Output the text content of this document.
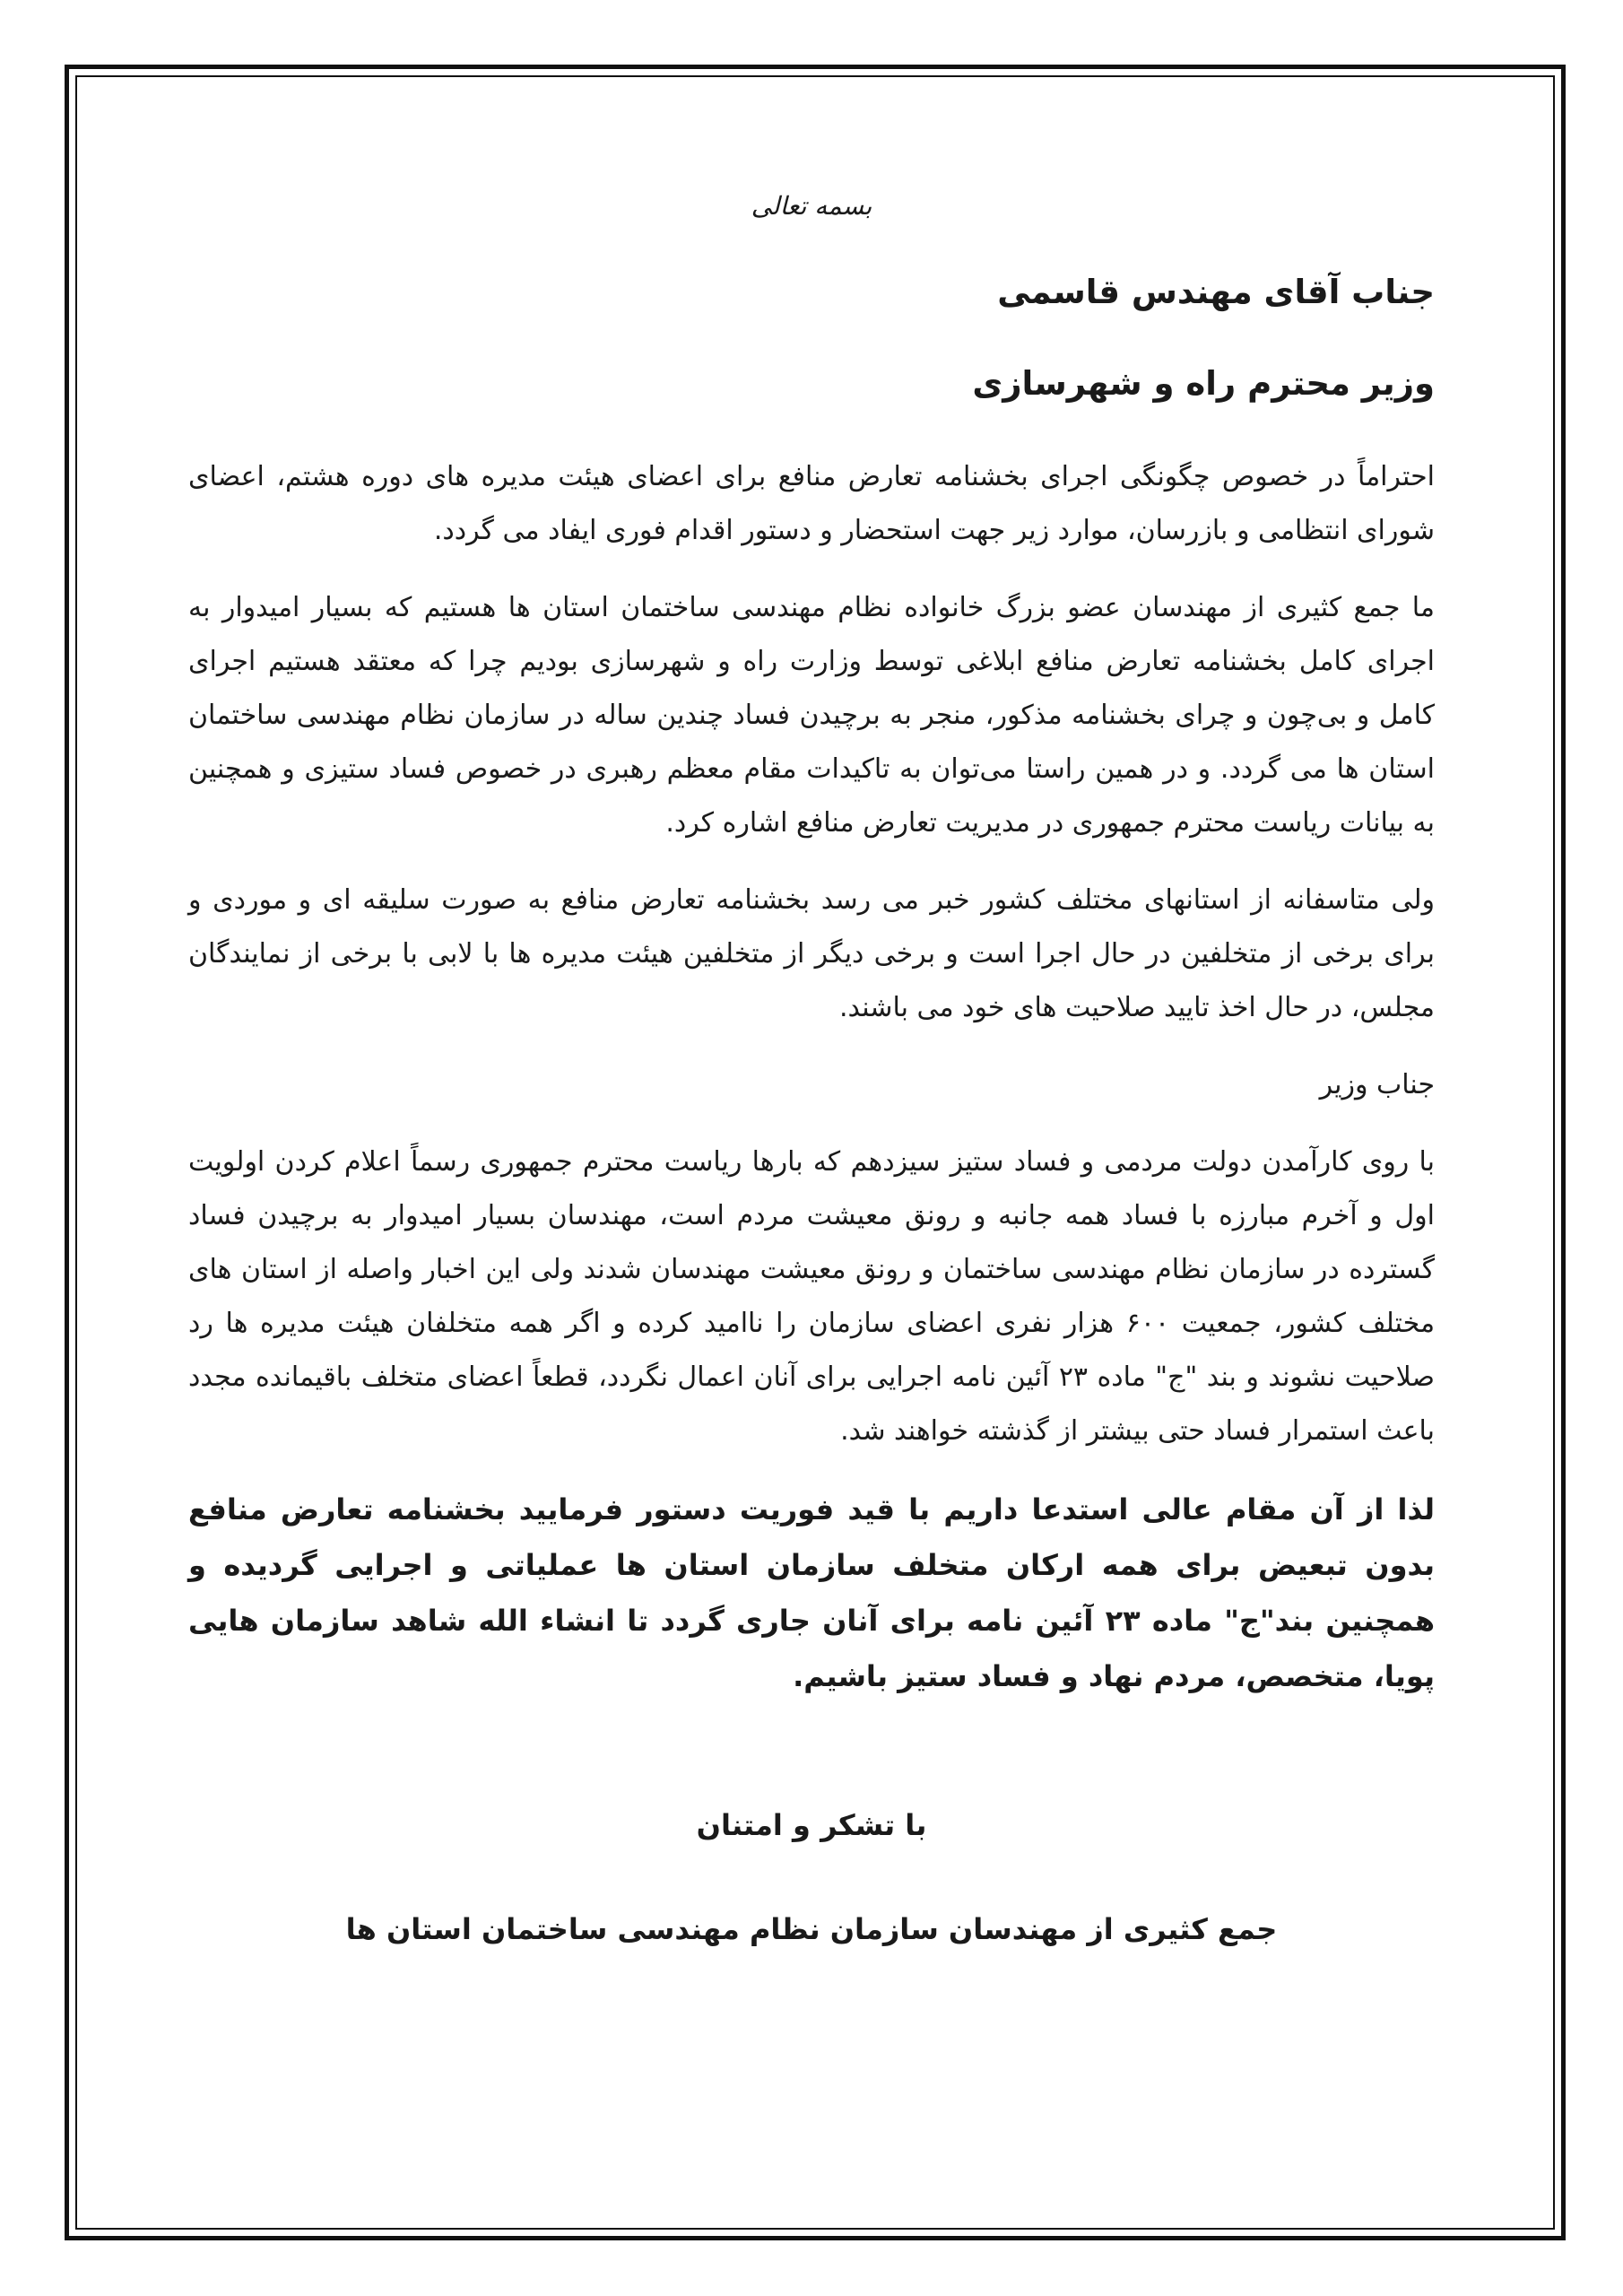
بسمه تعالی
جناب آقای مهندس قاسمی
وزیر محترم راه و شهرسازی

احتراماً در خصوص چگونگی اجرای بخشنامه تعارض منافع برای اعضای هیئت مدیره های دوره هشتم، اعضای شورای انتظامی و بازرسان، موارد زیر جهت استحضار و دستور اقدام فوری ایفاد می گردد.

ما جمع کثیری از مهندسان عضو بزرگ خانواده نظام مهندسی ساختمان استان ها هستیم که بسیار امیدوار به اجرای کامل بخشنامه تعارض منافع ابلاغی توسط وزارت راه و شهرسازی بودیم چرا که معتقد هستیم اجرای کامل و بی‌چون و چرای بخشنامه مذکور، منجر به برچیدن فساد چندین ساله در سازمان نظام مهندسی ساختمان استان ها می گردد. و در همین راستا می‌توان به تاکیدات مقام معظم رهبری در خصوص فساد ستیزی و همچنین به بیانات ریاست محترم جمهوری در مدیریت تعارض منافع اشاره کرد.

ولی متاسفانه از استانهای مختلف کشور خبر می رسد بخشنامه تعارض منافع به صورت سلیقه ای و موردی و برای برخی از متخلفین در حال اجرا است و برخی دیگر از متخلفین هیئت مدیره ها با لابی با برخی از نمایندگان مجلس، در حال اخذ تایید صلاحیت های خود می باشند.

جناب وزیر

با روی کارآمدن دولت مردمی و فساد ستیز سیزدهم که بارها ریاست محترم جمهوری رسماً اعلام کردن اولویت اول و آخرم مبارزه با فساد همه جانبه و رونق معیشت مردم است، مهندسان بسیار امیدوار به برچیدن فساد گسترده در سازمان نظام مهندسی ساختمان و رونق معیشت مهندسان شدند ولی این اخبار واصله از استان های مختلف کشور، جمعیت ۶۰۰ هزار نفری اعضای سازمان را ناامید کرده و اگر همه متخلفان هیئت مدیره ها رد صلاحیت نشوند و بند "ج" ماده ۲۳ آئین نامه اجرایی برای آنان اعمال نگردد، قطعاً اعضای متخلف باقیمانده مجدد باعث استمرار فساد حتی بیشتر از گذشته خواهند شد.

لذا از آن مقام عالی استدعا داریم با قید فوریت دستور فرمایید بخشنامه تعارض منافع بدون تبعیض برای همه ارکان متخلف سازمان استان ها عملیاتی و اجرایی گردیده و همچنین بند"ج" ماده ۲۳ آئین نامه برای آنان جاری گردد تا انشاء الله شاهد سازمان هایی پویا، متخصص، مردم نهاد و فساد ستیز باشیم.

با تشکر و امتنان
جمع کثیری از مهندسان سازمان نظام مهندسی ساختمان استان ها
